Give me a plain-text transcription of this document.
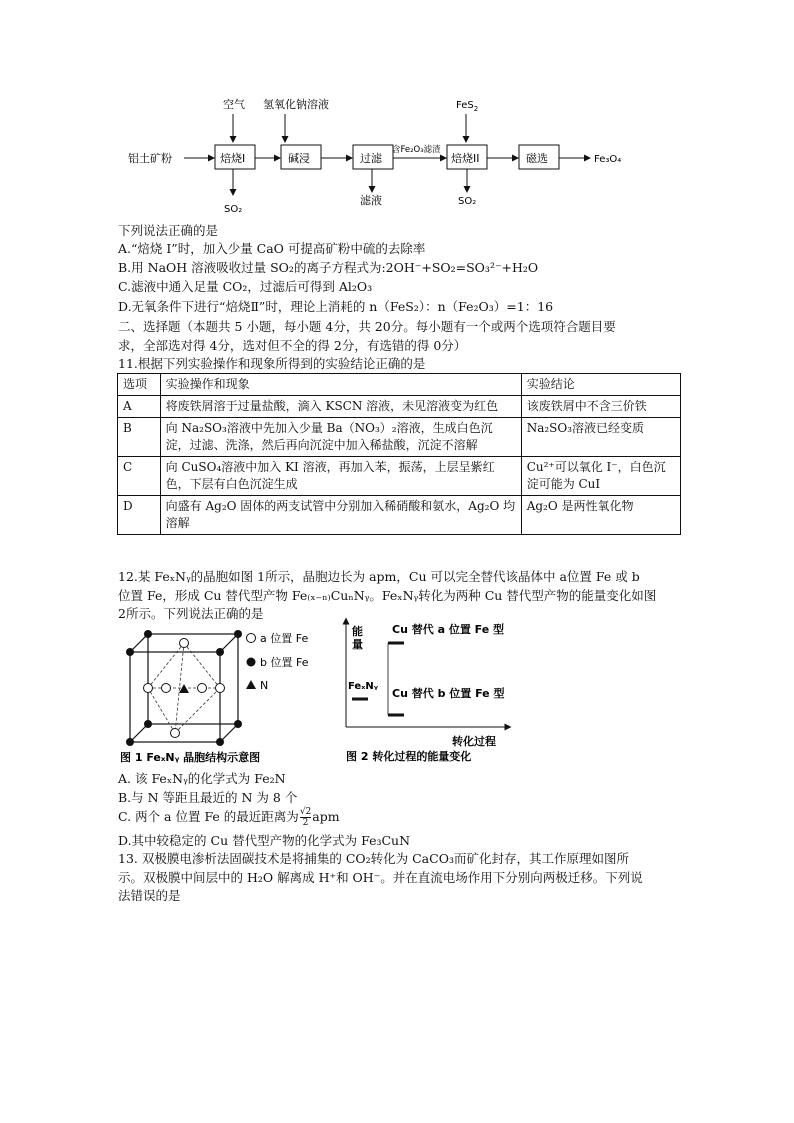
空气 氢氧化钠溶液	FeS$_2$
铝土矿粉	焙烧I	碱浸	过滤
含Fe₂O₃滤渣
焙烧II	磁选	Fe₃O₄
SO₂
滤液	SO₂
下列说法正确的是
A.“焙烧 I”时，加入少量 CaO 可提高矿粉中硫的去除率
B.用 NaOH 溶液吸收过量 SO₂的离子方程式为:2OH⁻+SO₂=SO₃²⁻+H₂O
C.滤液中通入足量 CO₂，过滤后可得到 Al₂O₃
D.无氧条件下进行“焙烧Ⅱ”时，理论上消耗的 n（FeS₂）：n（Fe₂O₃）=1：16
二、选择题（本题共 5 小题，每小题 4分，共 20分。每小题有一个或两个选项符合题目要
求，全部选对得 4分，选对但不全的得 2分，有选错的得 0分）
11.根据下列实验操作和现象所得到的实验结论正确的是
选项	实验操作和现象	实验结论
A	将废铁屑溶于过量盐酸，滴入 KSCN 溶液，未见溶液变为红色	该废铁屑中不含三价铁
B	向 Na₂SO₃溶液中先加入少量 Ba（NO₃）₂溶液，生成白色沉淀，过滤、洗涤，然后再向沉淀中加入稀盐酸，沉淀不溶解	Na₂SO₃溶液已经变质
C	向 CuSO₄溶液中加入 KI 溶液，再加入苯，振荡，上层呈紫红色，下层有白色沉淀生成	Cu²⁺可以氧化 I⁻，白色沉淀可能为 CuI
D	向盛有 Ag₂O 固体的两支试管中分别加入稀硝酸和氨水，Ag₂O 均溶解	Ag₂O 是两性氧化物
12.某 FeₓNᵧ的晶胞如图 1所示，晶胞边长为 apm，Cu 可以完全替代该晶体中 a位置 Fe 或 b
位置 Fe，形成 Cu 替代型产物 Fe₍ₓ₋ₙ₎CuₙNᵧ。FeₓNᵧ转化为两种 Cu 替代型产物的能量变化如图
2所示。下列说法正确的是
a 位置 Fe
b 位置 Fe
N
图 1 FeₓNᵧ 晶胞结构示意图
能
量
Cu 替代 a 位置 Fe 型
FeₓNᵧ
Cu 替代 b 位置 Fe 型
转化过程
图 2 转化过程的能量变化
A. 该 FeₓNᵧ的化学式为 Fe₂N
B.与 N 等距且最近的 N 为 8 个
C. 两个 a 位置 Fe 的最近距离为 $\frac{√2}{2}$ apm
D.其中较稳定的 Cu 替代型产物的化学式为 Fe₃CuN
13. 双极膜电渗析法固碳技术是将捕集的 CO₂转化为 CaCO₃而矿化封存，其工作原理如图所
示。双极膜中间层中的 H₂O 解离成 H⁺和 OH⁻。并在直流电场作用下分别向两极迁移。下列说
法错误的是
